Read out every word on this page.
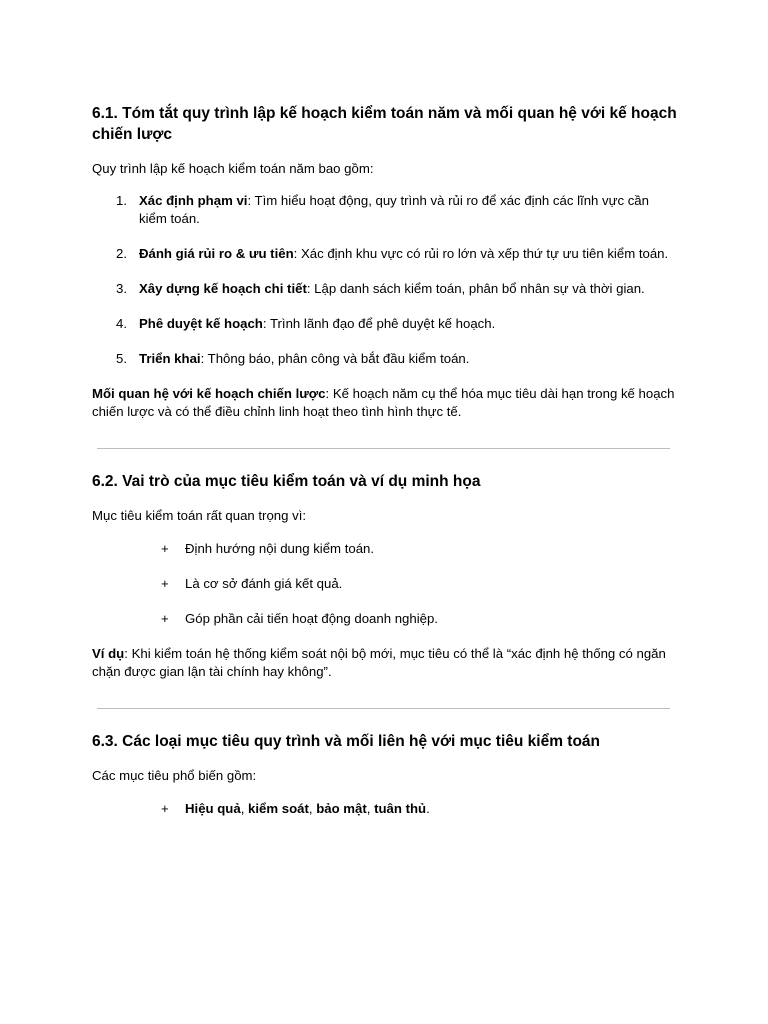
6.1. Tóm tắt quy trình lập kế hoạch kiểm toán năm và mối quan hệ với kế hoạch chiến lược

Quy trình lập kế hoạch kiểm toán năm bao gồm:

1. Xác định phạm vi: Tìm hiểu hoạt động, quy trình và rủi ro để xác định các lĩnh vực cần kiểm toán.
2. Đánh giá rủi ro & ưu tiên: Xác định khu vực có rủi ro lớn và xếp thứ tự ưu tiên kiểm toán.
3. Xây dựng kế hoạch chi tiết: Lập danh sách kiểm toán, phân bổ nhân sự và thời gian.
4. Phê duyệt kế hoạch: Trình lãnh đạo để phê duyệt kế hoạch.
5. Triển khai: Thông báo, phân công và bắt đầu kiểm toán.

Mối quan hệ với kế hoạch chiến lược: Kế hoạch năm cụ thể hóa mục tiêu dài hạn trong kế hoạch chiến lược và có thể điều chỉnh linh hoạt theo tình hình thực tế.

6.2. Vai trò của mục tiêu kiểm toán và ví dụ minh họa

Mục tiêu kiểm toán rất quan trọng vì:

+ Định hướng nội dung kiểm toán.
+ Là cơ sở đánh giá kết quả.
+ Góp phần cải tiến hoạt động doanh nghiệp.

Ví dụ: Khi kiểm toán hệ thống kiểm soát nội bộ mới, mục tiêu có thể là “xác định hệ thống có ngăn chặn được gian lận tài chính hay không”.

6.3. Các loại mục tiêu quy trình và mối liên hệ với mục tiêu kiểm toán

Các mục tiêu phổ biến gồm:

+ Hiệu quả, kiểm soát, bảo mật, tuân thủ.
